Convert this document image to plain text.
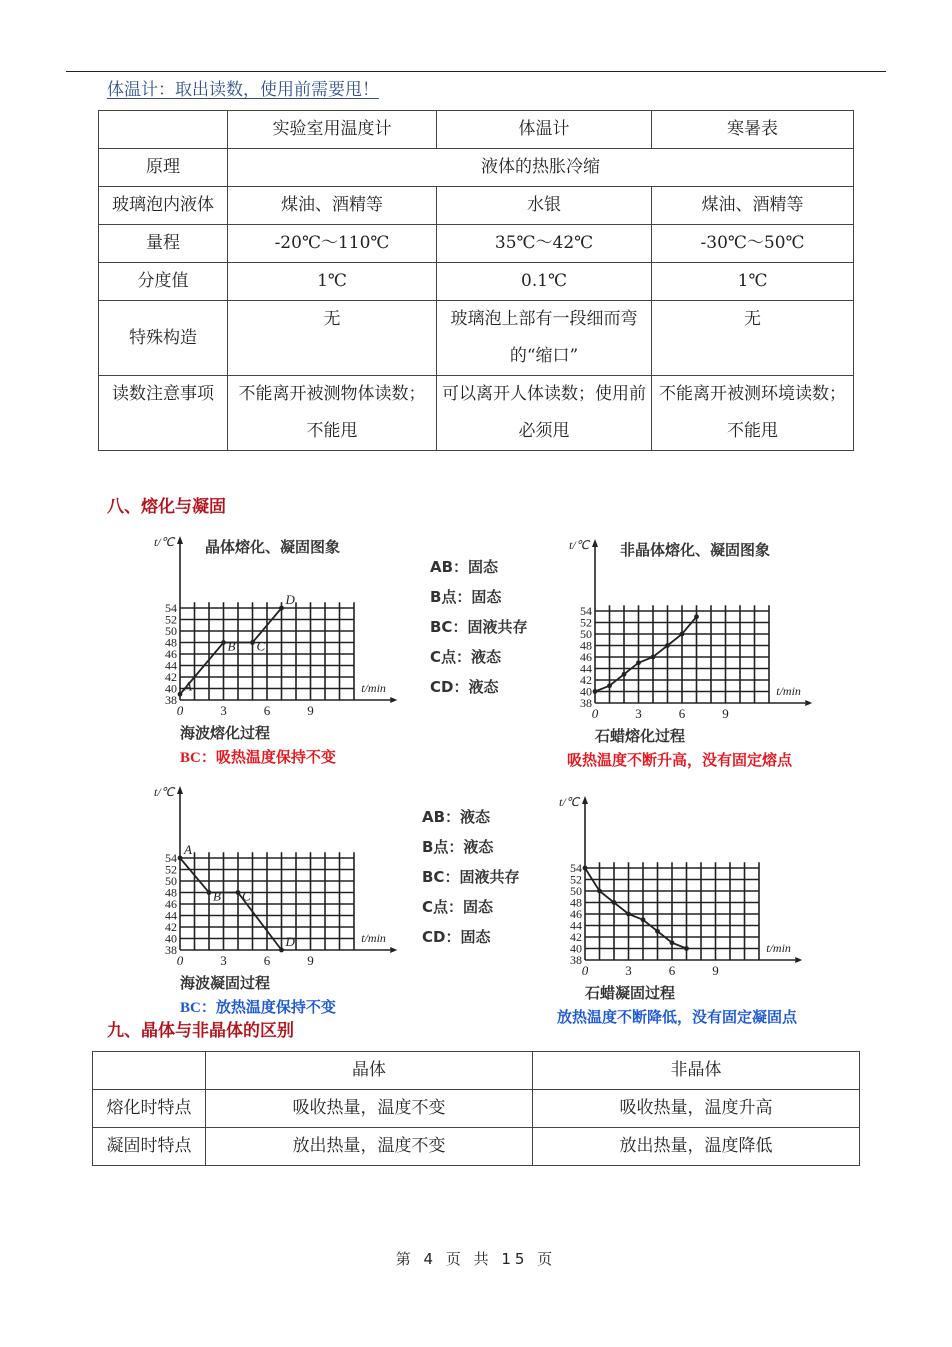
体温计：取出读数，使用前需要甩！
	实验室用温度计	体温计	寒暑表
原理	液体的热胀冷缩		
玻璃泡内液体	煤油、酒精等	水银	煤油、酒精等
量程	-20℃～110℃	35℃～42℃	-30℃～50℃
分度值	1℃	0.1℃	1℃
特殊构造	无	玻璃泡上部有一段细而弯的“缩口”	无
读数注意事项	不能离开被测物体读数；不能甩	可以离开人体读数；使用前必须甩	不能离开被测环境读数；不能甩
八、熔化与凝固
38
40
42
44
46
48
50
52
54
0	3	6	9
t/min
t/℃ 晶体熔化、凝固图象
A
B C
D
海波熔化过程
BC：吸热温度保持不变
AB：固态
B点：固态
BC：固液共存
C点：液态
CD：液态
38
40
42
44
46
48
50
52
54
0	3	6	9
t/min
t/℃ 非晶体熔化、凝固图象
石蜡熔化过程
吸热温度不断升高，没有固定熔点
38
40
42
44
46
48
50
52
54
0	3	6	9
t/min
t/℃
A
B C
D
海波凝固过程
BC：放热温度保持不变
AB：液态
B点：液态
BC：固液共存
C点：固态
CD：固态
38
40
42
44
46
48
50
52
54
0	3	6	9
t/min
t/℃
石蜡凝固过程
放热温度不断降低，没有固定凝固点
九、晶体与非晶体的区别
	晶体	非晶体
熔化时特点	吸收热量，温度不变	吸收热量，温度升高
凝固时特点	放出热量，温度不变	放出热量，温度降低
第 4 页 共 15 页
